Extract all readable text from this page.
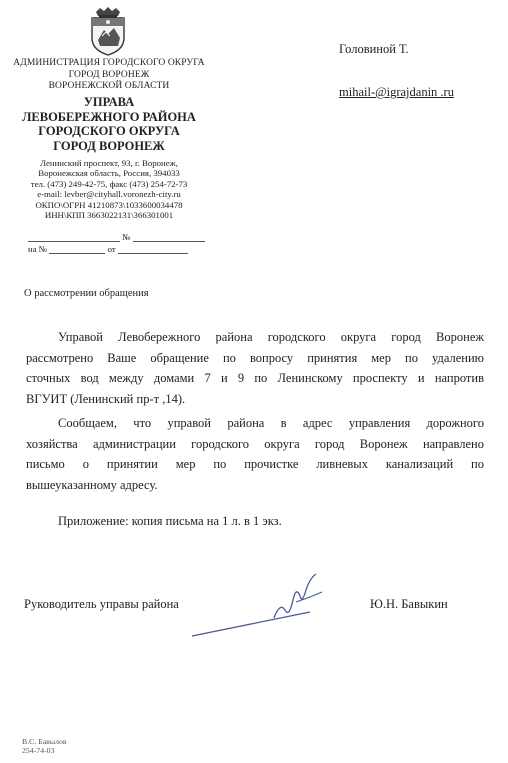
АДМИНИСТРАЦИЯ ГОРОДСКОГО ОКРУГА
ГОРОД ВОРОНЕЖ
ВОРОНЕЖСКОЙ ОБЛАСТИ
УПРАВА
ЛЕВОБЕРЕЖНОГО РАЙОНА
ГОРОДСКОГО ОКРУГА
ГОРОД ВОРОНЕЖ
Ленинский проспект, 93, г. Воронеж,
Воронежская область, Россия, 394033
тел. (473) 249-42-75, факс (473) 254-72-73
e-mail: levber@cityhall.voronezh-city.ru
ОКПО\ОГРН 41210873\1033600034478
ИНН\КПП 3663022131\366301001
№
на №	от
Головиной Т.
mihail-@igrajdanin .ru
О рассмотрении обращения
Управой Левобережного района городского округа город Воронеж
рассмотрено Ваше обращение по вопросу принятия мер по удалению
сточных вод между домами 7 и 9 по Ленинскому проспекту и напротив
ВГУИТ (Ленинский пр-т ,14).
Сообщаем, что управой района в адрес управления дорожного
хозяйства администрации городского округа город Воронеж направлено
письмо о принятии мер по прочистке ливневых канализаций по
вышеуказанному адресу.
Приложение: копия письма на 1 л. в 1 экз.
Руководитель управы района	Ю.Н. Бавыкин
В.С. Бавылов
254-74-03
